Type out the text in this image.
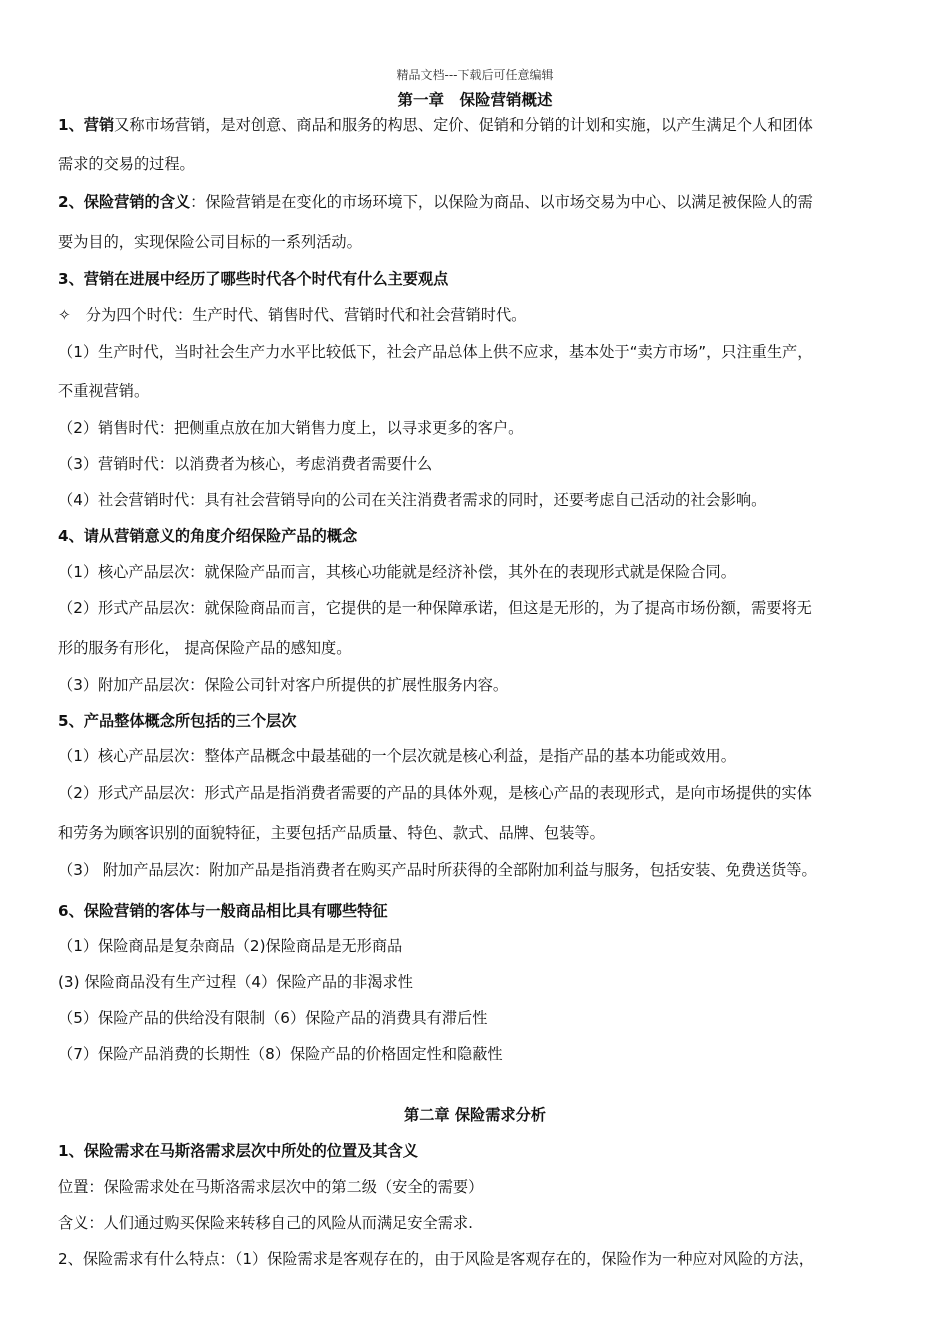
精品文档---下载后可任意编辑
第一章　保险营销概述
1、营销又称市场营销，是对创意、商品和服务的构思、定价、促销和分销的计划和实施，以产生满足个人和团体
需求的交易的过程。
2、保险营销的含义：保险营销是在变化的市场环境下，以保险为商品、以市场交易为中心、以满足被保险人的需
要为目的，实现保险公司目标的一系列活动。
3、营销在进展中经历了哪些时代各个时代有什么主要观点
✧　分为四个时代：生产时代、销售时代、营销时代和社会营销时代。
（1）生产时代，当时社会生产力水平比较低下，社会产品总体上供不应求，基本处于“卖方市场”，只注重生产，
不重视营销。
（2）销售时代：把侧重点放在加大销售力度上，以寻求更多的客户。
（3）营销时代：以消费者为核心，考虑消费者需要什么
（4）社会营销时代：具有社会营销导向的公司在关注消费者需求的同时，还要考虑自己活动的社会影响。
4、请从营销意义的角度介绍保险产品的概念
（1）核心产品层次：就保险产品而言，其核心功能就是经济补偿，其外在的表现形式就是保险合同。
（2）形式产品层次：就保险商品而言，它提供的是一种保障承诺，但这是无形的，为了提高市场份额，需要将无
形的服务有形化， 提高保险产品的感知度。
（3）附加产品层次：保险公司针对客户所提供的扩展性服务内容。
5、产品整体概念所包括的三个层次
（1）核心产品层次：整体产品概念中最基础的一个层次就是核心利益，是指产品的基本功能或效用。
（2）形式产品层次：形式产品是指消费者需要的产品的具体外观，是核心产品的表现形式，是向市场提供的实体
和劳务为顾客识别的面貌特征，主要包括产品质量、特色、款式、品牌、包装等。
（3） 附加产品层次：附加产品是指消费者在购买产品时所获得的全部附加利益与服务，包括安装、免费送货等。
6、保险营销的客体与一般商品相比具有哪些特征
（1）保险商品是复杂商品（2)保险商品是无形商品
(3) 保险商品没有生产过程（4）保险产品的非渴求性
（5）保险产品的供给没有限制（6）保险产品的消费具有滞后性
（7）保险产品消费的长期性（8）保险产品的价格固定性和隐蔽性
第二章 保险需求分析
1、保险需求在马斯洛需求层次中所处的位置及其含义
位置：保险需求处在马斯洛需求层次中的第二级（安全的需要）
含义：人们通过购买保险来转移自己的风险从而满足安全需求.
2、保险需求有什么特点：（1）保险需求是客观存在的，由于风险是客观存在的，保险作为一种应对风险的方法，
